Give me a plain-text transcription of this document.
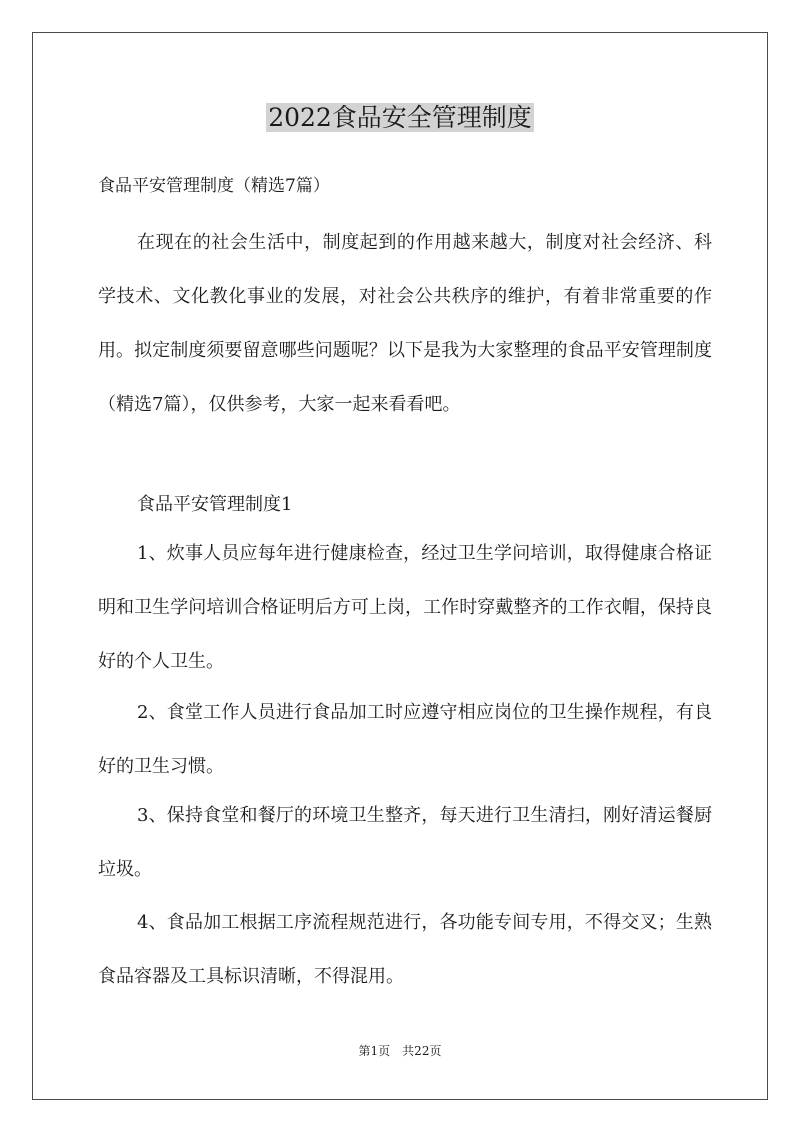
2022食品安全管理制度

食品平安管理制度（精选7篇）

在现在的社会生活中，制度起到的作用越来越大，制度对社会经济、科学技术、文化教化事业的发展，对社会公共秩序的维护，有着非常重要的作用。拟定制度须要留意哪些问题呢？以下是我为大家整理的食品平安管理制度（精选7篇），仅供参考，大家一起来看看吧。

食品平安管理制度1

1、炊事人员应每年进行健康检查，经过卫生学问培训，取得健康合格证明和卫生学问培训合格证明后方可上岗，工作时穿戴整齐的工作衣帽，保持良好的个人卫生。

2、食堂工作人员进行食品加工时应遵守相应岗位的卫生操作规程，有良好的卫生习惯。

3、保持食堂和餐厅的环境卫生整齐，每天进行卫生清扫，刚好清运餐厨垃圾。

4、食品加工根据工序流程规范进行，各功能专间专用，不得交叉；生熟食品容器及工具标识清晰，不得混用。

第1页　共22页
